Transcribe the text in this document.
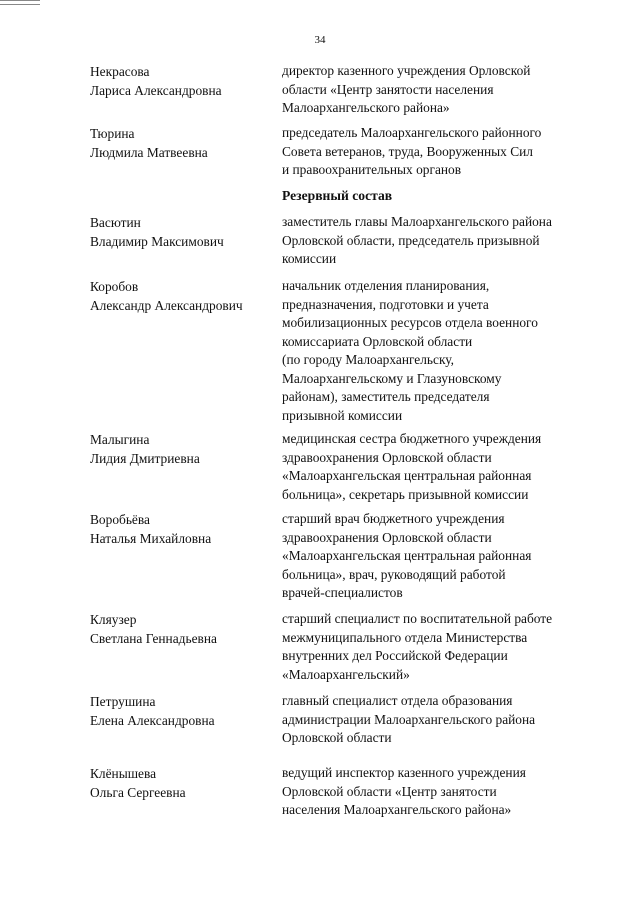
34
Некрасова
Лариса Александровна
директор казенного учреждения Орловской
области «Центр занятости населения
Малоархангельского района»
Тюрина
Людмила Матвеевна
председатель Малоархангельского районного
Совета ветеранов, труда, Вооруженных Сил
и правоохранительных органов
Резервный состав
Васютин
Владимир Максимович
заместитель главы Малоархангельского района
Орловской области, председатель призывной
комиссии
Коробов
Александр Александрович
начальник отделения планирования,
предназначения, подготовки и учета
мобилизационных ресурсов отдела военного
комиссариата Орловской области
(по городу Малоархангельску,
Малоархангельскому и Глазуновскому
районам), заместитель председателя
призывной комиссии
Малыгина
Лидия Дмитриевна
медицинская сестра бюджетного учреждения
здравоохранения Орловской области
«Малоархангельская центральная районная
больница», секретарь призывной комиссии
Воробьёва
Наталья Михайловна
старший врач бюджетного учреждения
здравоохранения Орловской области
«Малоархангельская центральная районная
больница», врач, руководящий работой
врачей-специалистов
Кляузер
Светлана Геннадьевна
старший специалист по воспитательной работе
межмуниципального отдела Министерства
внутренних дел Российской Федерации
«Малоархангельский»
Петрушина
Елена Александровна
главный специалист отдела образования
администрации Малоархангельского района
Орловской области
Клёнышева
Ольга Сергеевна
ведущий инспектор казенного учреждения
Орловской области «Центр занятости
населения Малоархангельского района»
